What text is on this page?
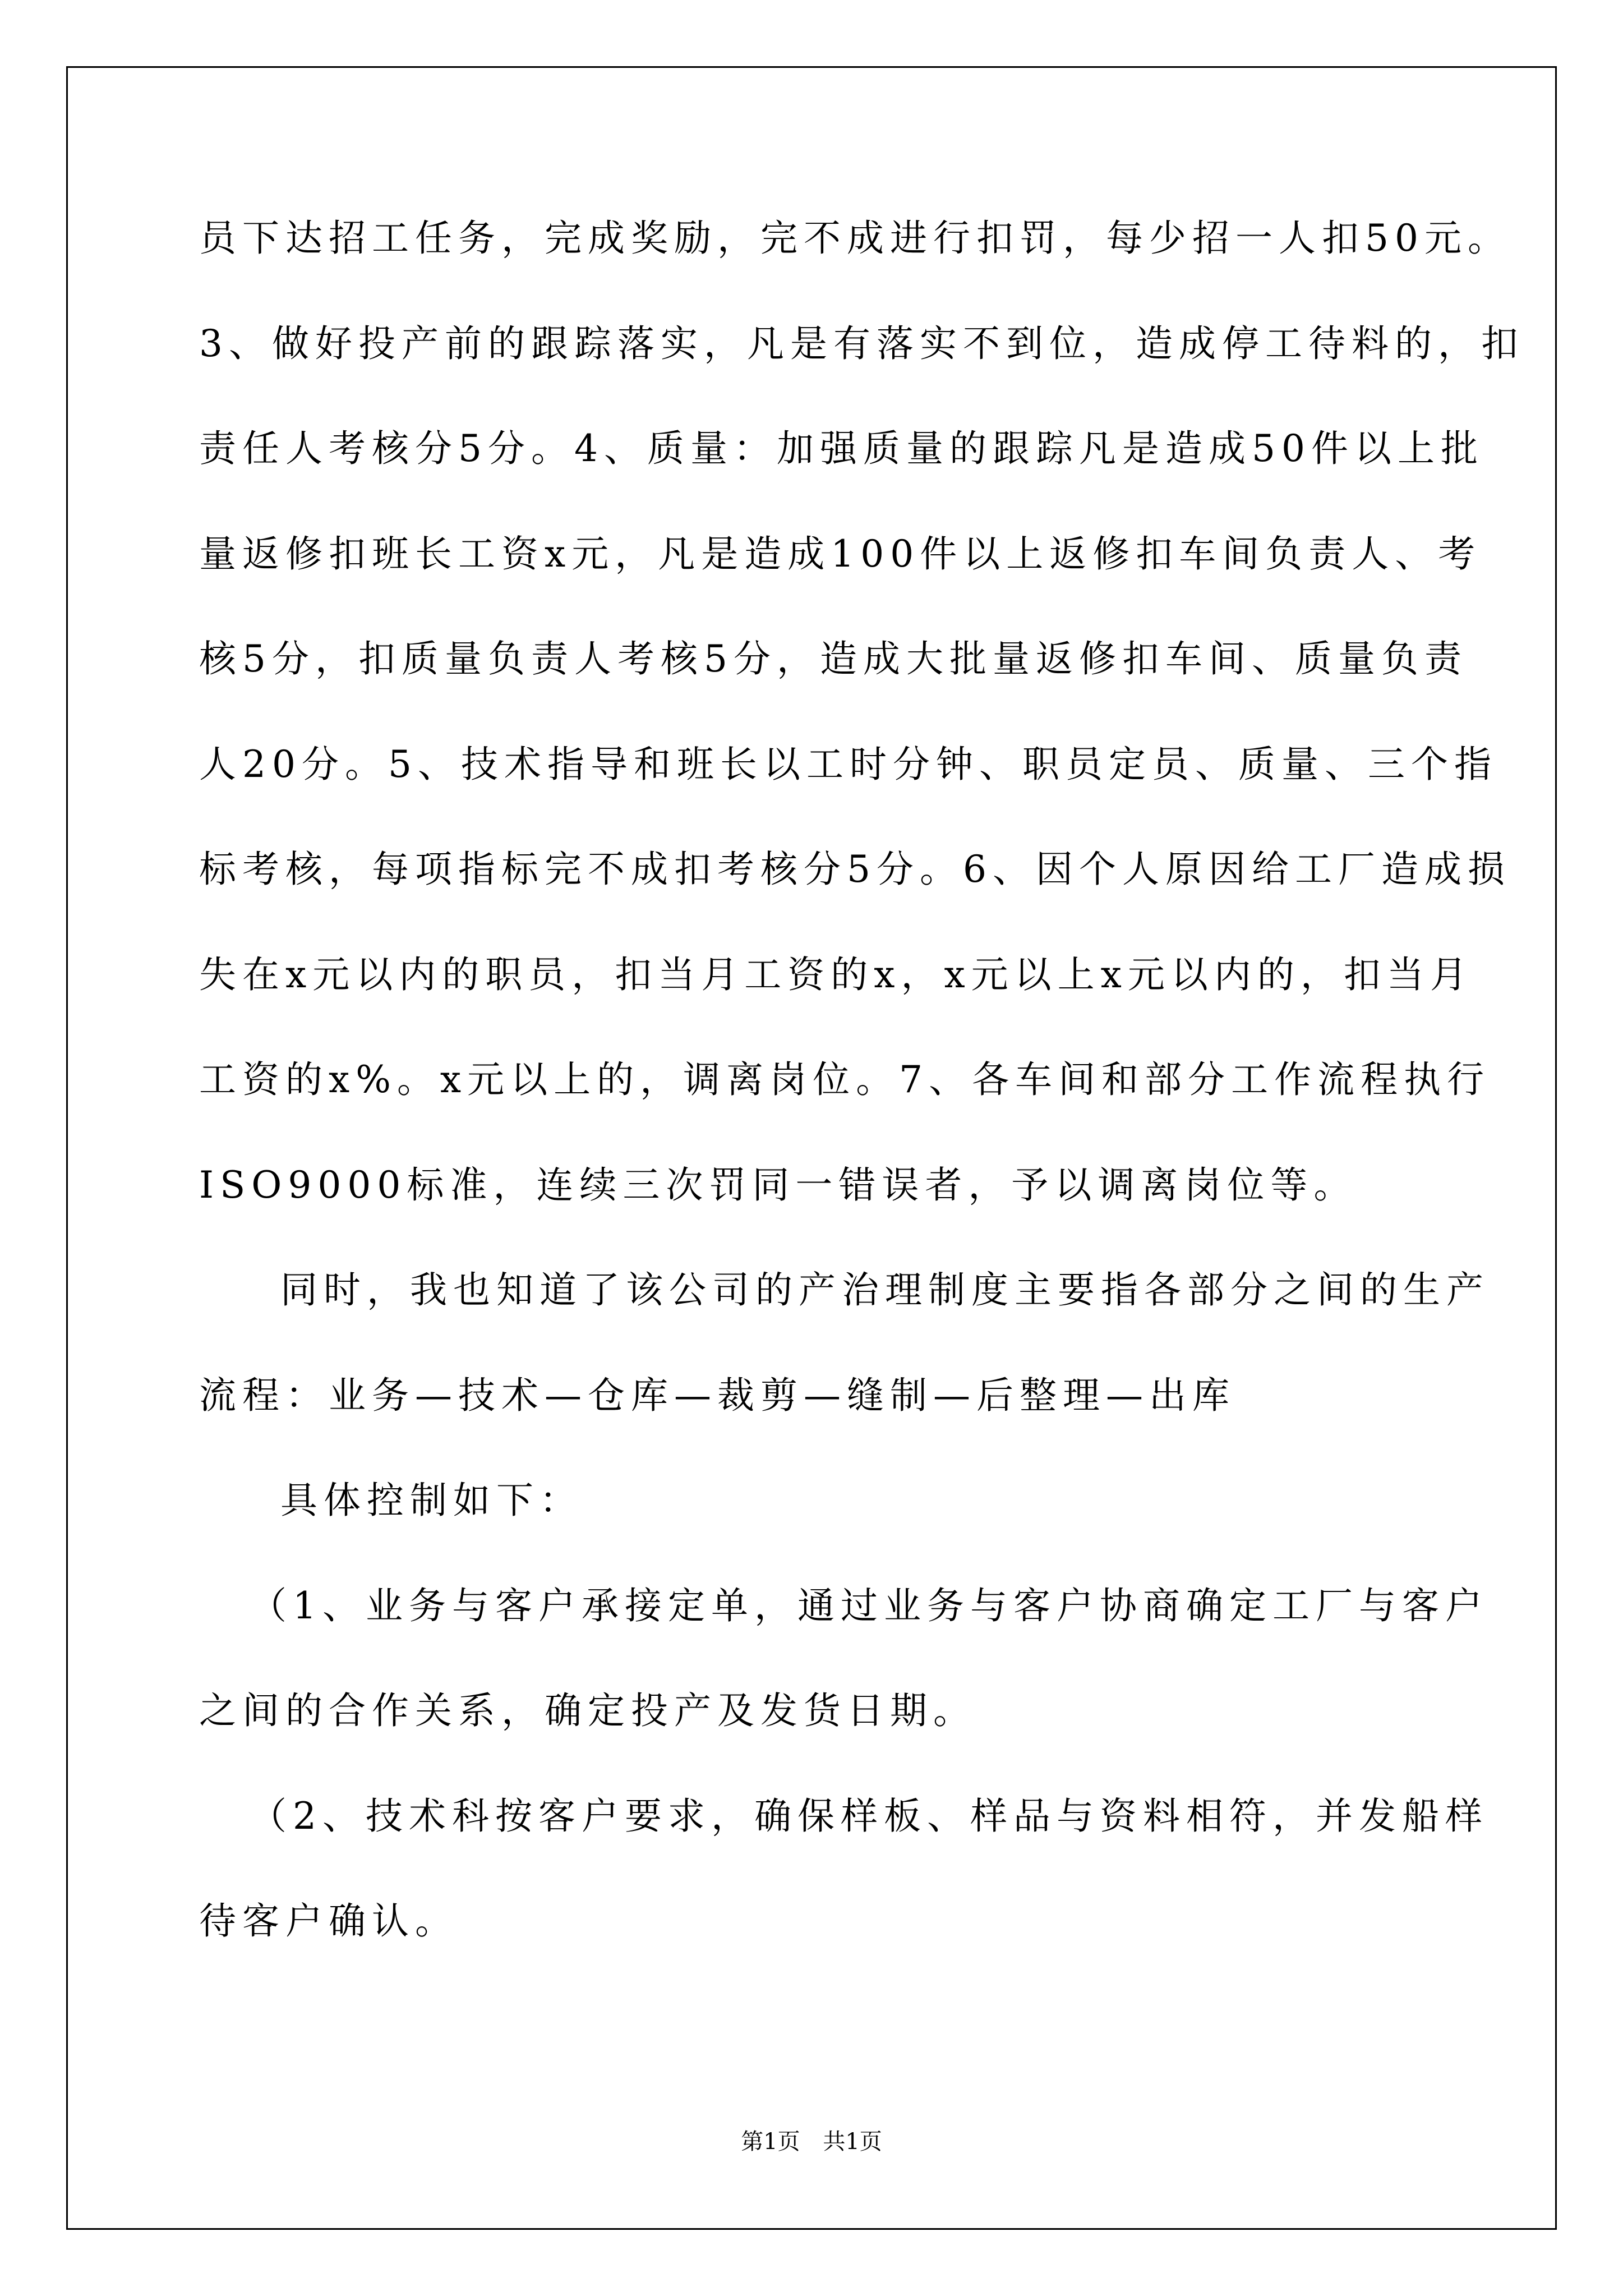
员下达招工任务，完成奖励，完不成进行扣罚，每少招一人扣50元。
3、做好投产前的跟踪落实，凡是有落实不到位，造成停工待料的，扣
责任人考核分5分。4、质量：加强质量的跟踪凡是造成50件以上批
量返修扣班长工资x元，凡是造成100件以上返修扣车间负责人、考
核5分，扣质量负责人考核5分，造成大批量返修扣车间、质量负责
人20分。5、技术指导和班长以工时分钟、职员定员、质量、三个指
标考核，每项指标完不成扣考核分5分。6、因个人原因给工厂造成损
失在x元以内的职员，扣当月工资的x，x元以上x元以内的，扣当月
工资的x%。x元以上的，调离岗位。7、各车间和部分工作流程执行
ISO9000标准，连续三次罚同一错误者，予以调离岗位等。
同时，我也知道了该公司的产治理制度主要指各部分之间的生产
流程：业务—技术—仓库—裁剪—缝制—后整理—出库
具体控制如下：
（1、业务与客户承接定单，通过业务与客户协商确定工厂与客户
之间的合作关系，确定投产及发货日期。
（2、技术科按客户要求，确保样板、样品与资料相符，并发船样
待客户确认。
第1页 共1页
